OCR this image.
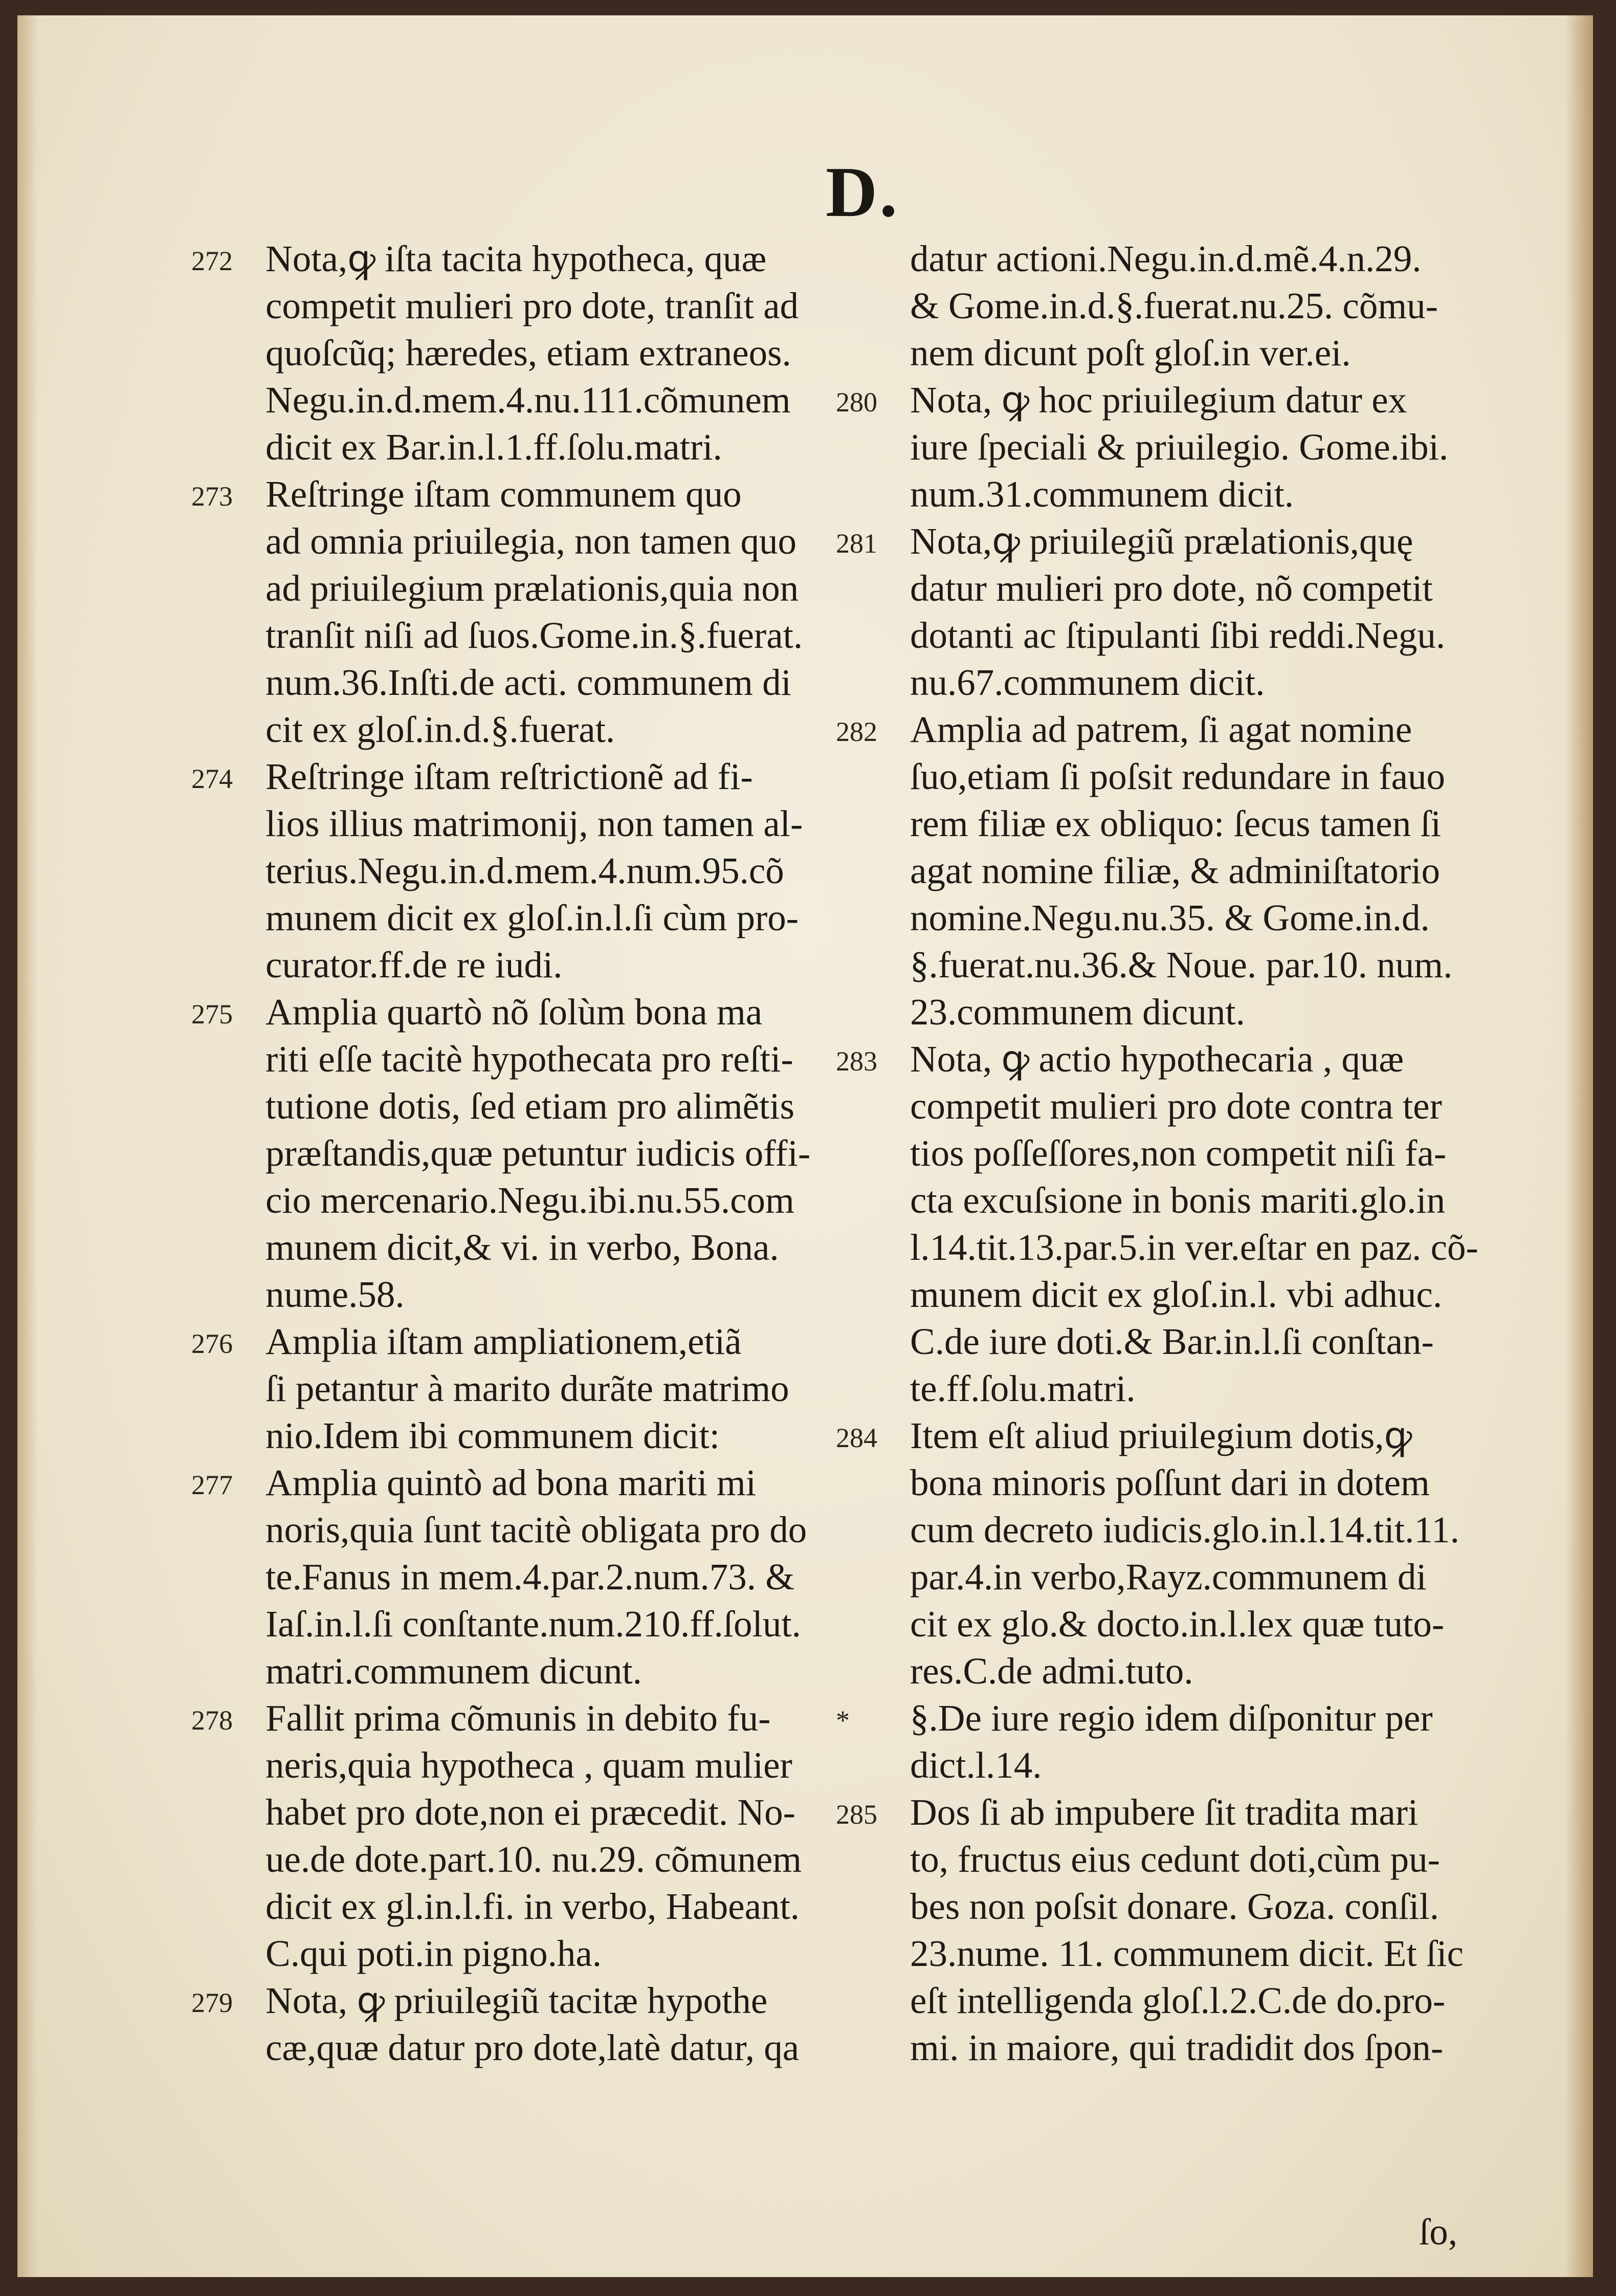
D.
272 Nota,ꝙ iſta tacita hypotheca, quæ
competit mulieri pro dote, tranſit ad
quoſcũq; hæredes, etiam extraneos.
Negu.in.d.mem.4.nu.111.cõmunem
dicit ex Bar.in.l.1.ff.ſolu.matri.
273 Reſtringe iſtam communem quo
ad omnia priuilegia, non tamen quo
ad priuilegium prælationis,quia non
tranſit niſi ad ſuos.Gome.in.§.fuerat.
num.36.Inſti.de acti. communem di
cit ex gloſ.in.d.§.fuerat.
274 Reſtringe iſtam reſtrictionẽ ad fi-
lios illius matrimonij, non tamen al-
terius.Negu.in.d.mem.4.num.95.cõ
munem dicit ex gloſ.in.l.ſi cùm pro-
curator.ff.de re iudi.
275 Amplia quartò nõ ſolùm bona ma
riti eſſe tacitè hypothecata pro reſti-
tutione dotis, ſed etiam pro alimẽtis
præſtandis,quæ petuntur iudicis offi-
cio mercenario.Negu.ibi.nu.55.com
munem dicit,& vi. in verbo, Bona.
nume.58.
276 Amplia iſtam ampliationem,etiã
ſi petantur à marito durãte matrimo
nio.Idem ibi communem dicit:
277 Amplia quintò ad bona mariti mi
noris,quia ſunt tacitè obligata pro do
te.Fanus in mem.4.par.2.num.73. &
Iaſ.in.l.ſi conſtante.num.210.ff.ſolut.
matri.communem dicunt.
278 Fallit prima cõmunis in debito fu-
neris,quia hypotheca , quam mulier
habet pro dote,non ei præcedit. No-
ue.de dote.part.10. nu.29. cõmunem
dicit ex gl.in.l.fi. in verbo, Habeant.
C.qui poti.in pigno.ha.
279 Nota, ꝙ priuilegiũ tacitæ hypothe
cæ,quæ datur pro dote,latè datur, qa
datur actioni.Negu.in.d.mẽ.4.n.29.
& Gome.in.d.§.fuerat.nu.25. cõmu-
nem dicunt poſt gloſ.in ver.ei.
280 Nota, ꝙ hoc priuilegium datur ex
iure ſpeciali & priuilegio. Gome.ibi.
num.31.communem dicit.
281 Nota,ꝙ priuilegiũ prælationis,quę
datur mulieri pro dote, nõ competit
dotanti ac ſtipulanti ſibi reddi.Negu.
nu.67.communem dicit.
282 Amplia ad patrem, ſi agat nomine
ſuo,etiam ſi poſsit redundare in fauo
rem filiæ ex obliquo: ſecus tamen ſi
agat nomine filiæ, & adminiſtatorio
nomine.Negu.nu.35. & Gome.in.d.
§.fuerat.nu.36.& Noue. par.10. num.
23.communem dicunt.
283 Nota, ꝙ actio hypothecaria , quæ
competit mulieri pro dote contra ter
tios poſſeſſores,non competit niſi fa-
cta excuſsione in bonis mariti.glo.in
l.14.tit.13.par.5.in ver.eſtar en paz. cõ-
munem dicit ex gloſ.in.l. vbi adhuc.
C.de iure doti.& Bar.in.l.ſi conſtan-
te.ff.ſolu.matri.
284 Item eſt aliud priuilegium dotis,ꝙ
bona minoris poſſunt dari in dotem
cum decreto iudicis.glo.in.l.14.tit.11.
par.4.in verbo,Rayz.communem di
cit ex glo.& docto.in.l.lex quæ tuto-
res.C.de admi.tuto.
*	§.De iure regio idem diſponitur per
dict.l.14.
285 Dos ſi ab impubere ſit tradita mari
to, fructus eius cedunt doti,cùm pu-
bes non poſsit donare. Goza. conſil.
23.nume. 11. communem dicit. Et ſic
eſt intelligenda gloſ.l.2.C.de do.pro-
mi. in maiore, qui tradidit dos ſpon-
ſo,
